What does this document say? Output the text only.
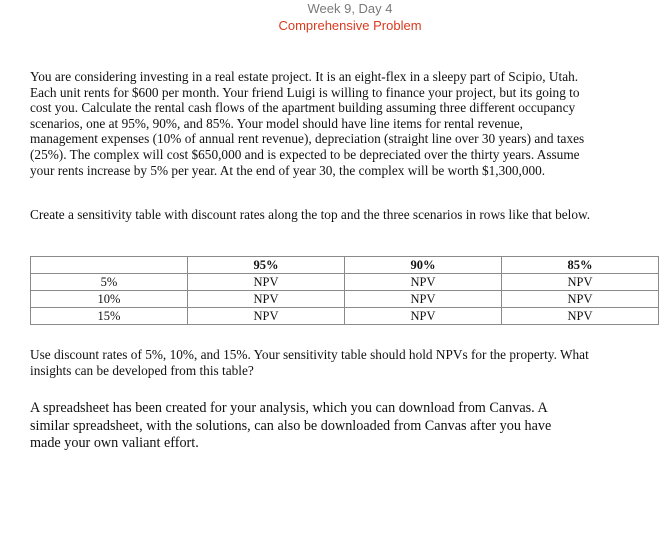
Week 9, Day 4
Comprehensive Problem

You are considering investing in a real estate project. It is an eight-flex in a sleepy part of Scipio, Utah.
Each unit rents for $600 per month. Your friend Luigi is willing to finance your project, but its going to
cost you. Calculate the rental cash flows of the apartment building assuming three different occupancy
scenarios, one at 95%, 90%, and 85%. Your model should have line items for rental revenue,
management expenses (10% of annual rent revenue), depreciation (straight line over 30 years) and taxes
(25%). The complex will cost $650,000 and is expected to be depreciated over the thirty years. Assume
your rents increase by 5% per year. At the end of year 30, the complex will be worth $1,300,000.

Create a sensitivity table with discount rates along the top and the three scenarios in rows like that below.

	95%	90%	85%
5%	NPV	NPV	NPV
10%	NPV	NPV	NPV
15%	NPV	NPV	NPV

Use discount rates of 5%, 10%, and 15%. Your sensitivity table should hold NPVs for the property. What
insights can be developed from this table?

A spreadsheet has been created for your analysis, which you can download from Canvas. A
similar spreadsheet, with the solutions, can also be downloaded from Canvas after you have
made your own valiant effort.
